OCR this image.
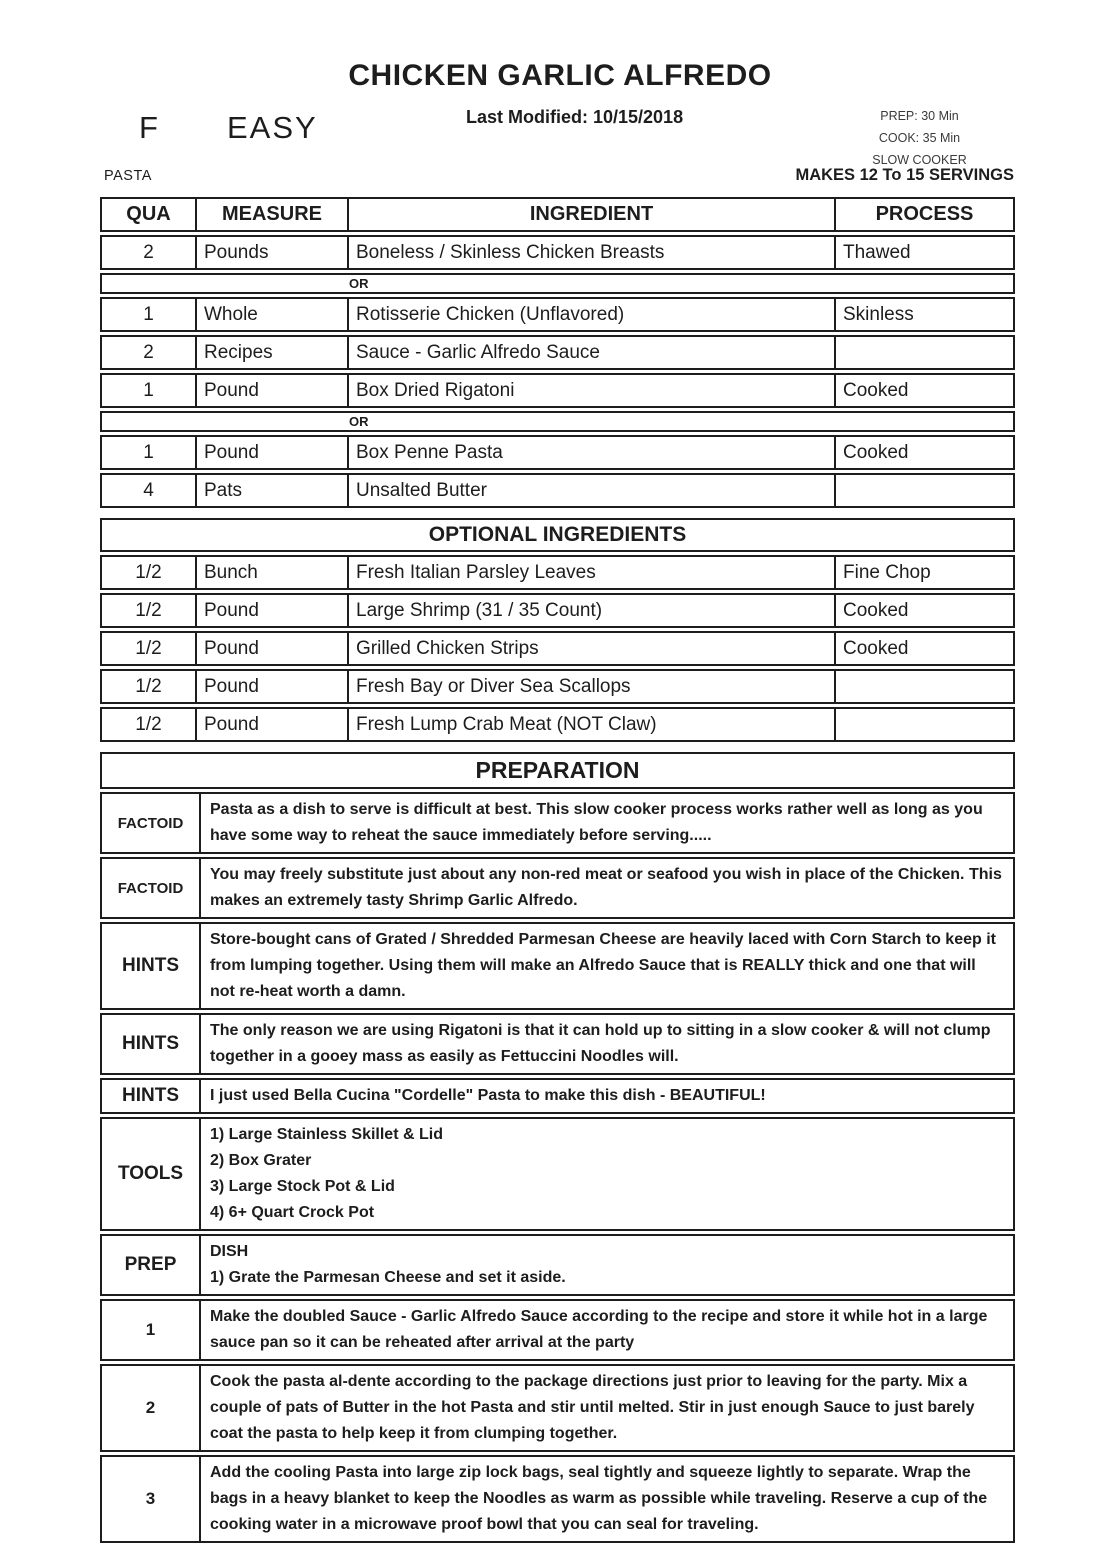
CHICKEN GARLIC ALFREDO
Last Modified: 10/15/2018
F EASY	PREP: 30 Min
COOK: 35 Min
SLOW COOKER
PASTA	MAKES 12 To 15 SERVINGS
QUA	MEASURE	INGREDIENT	PROCESS
2	Pounds	Boneless / Skinless Chicken Breasts	Thawed
OR
1	Whole	Rotisserie Chicken (Unflavored)	Skinless
2	Recipes	Sauce - Garlic Alfredo Sauce
1	Pound	Box Dried Rigatoni	Cooked
OR
1	Pound	Box Penne Pasta	Cooked
4	Pats	Unsalted Butter
OPTIONAL INGREDIENTS
1/2	Bunch	Fresh Italian Parsley Leaves	Fine Chop
1/2	Pound	Large Shrimp (31 / 35 Count)	Cooked
1/2	Pound	Grilled Chicken Strips	Cooked
1/2	Pound	Fresh Bay or Diver Sea Scallops
1/2	Pound	Fresh Lump Crab Meat (NOT Claw)
PREPARATION
FACTOID
Pasta as a dish to serve is difficult at best. This slow cooker process works rather well as long as you have some way to reheat the sauce immediately before serving.....
FACTOID
You may freely substitute just about any non-red meat or seafood you wish in place of the Chicken. This makes an extremely tasty Shrimp Garlic Alfredo.
HINTS
Store-bought cans of Grated / Shredded Parmesan Cheese are heavily laced with Corn Starch to keep it from lumping together. Using them will make an Alfredo Sauce that is REALLY thick and one that will not re-heat worth a damn.
HINTS
The only reason we are using Rigatoni is that it can hold up to sitting in a slow cooker & will not clump together in a gooey mass as easily as Fettuccini Noodles will.
HINTS	I just used Bella Cucina "Cordelle" Pasta to make this dish - BEAUTIFUL!
TOOLS
1) Large Stainless Skillet & Lid
2) Box Grater
3) Large Stock Pot & Lid
4) 6+ Quart Crock Pot
PREP
DISH
1) Grate the Parmesan Cheese and set it aside.
1
Make the doubled Sauce - Garlic Alfredo Sauce according to the recipe and store it while hot in a large sauce pan so it can be reheated after arrival at the party
2
Cook the pasta al-dente according to the package directions just prior to leaving for the party. Mix a couple of pats of Butter in the hot Pasta and stir until melted. Stir in just enough Sauce to just barely coat the pasta to help keep it from clumping together.
3
Add the cooling Pasta into large zip lock bags, seal tightly and squeeze lightly to separate. Wrap the bags in a heavy blanket to keep the Noodles as warm as possible while traveling. Reserve a cup of the cooking water in a microwave proof bowl that you can seal for traveling.
